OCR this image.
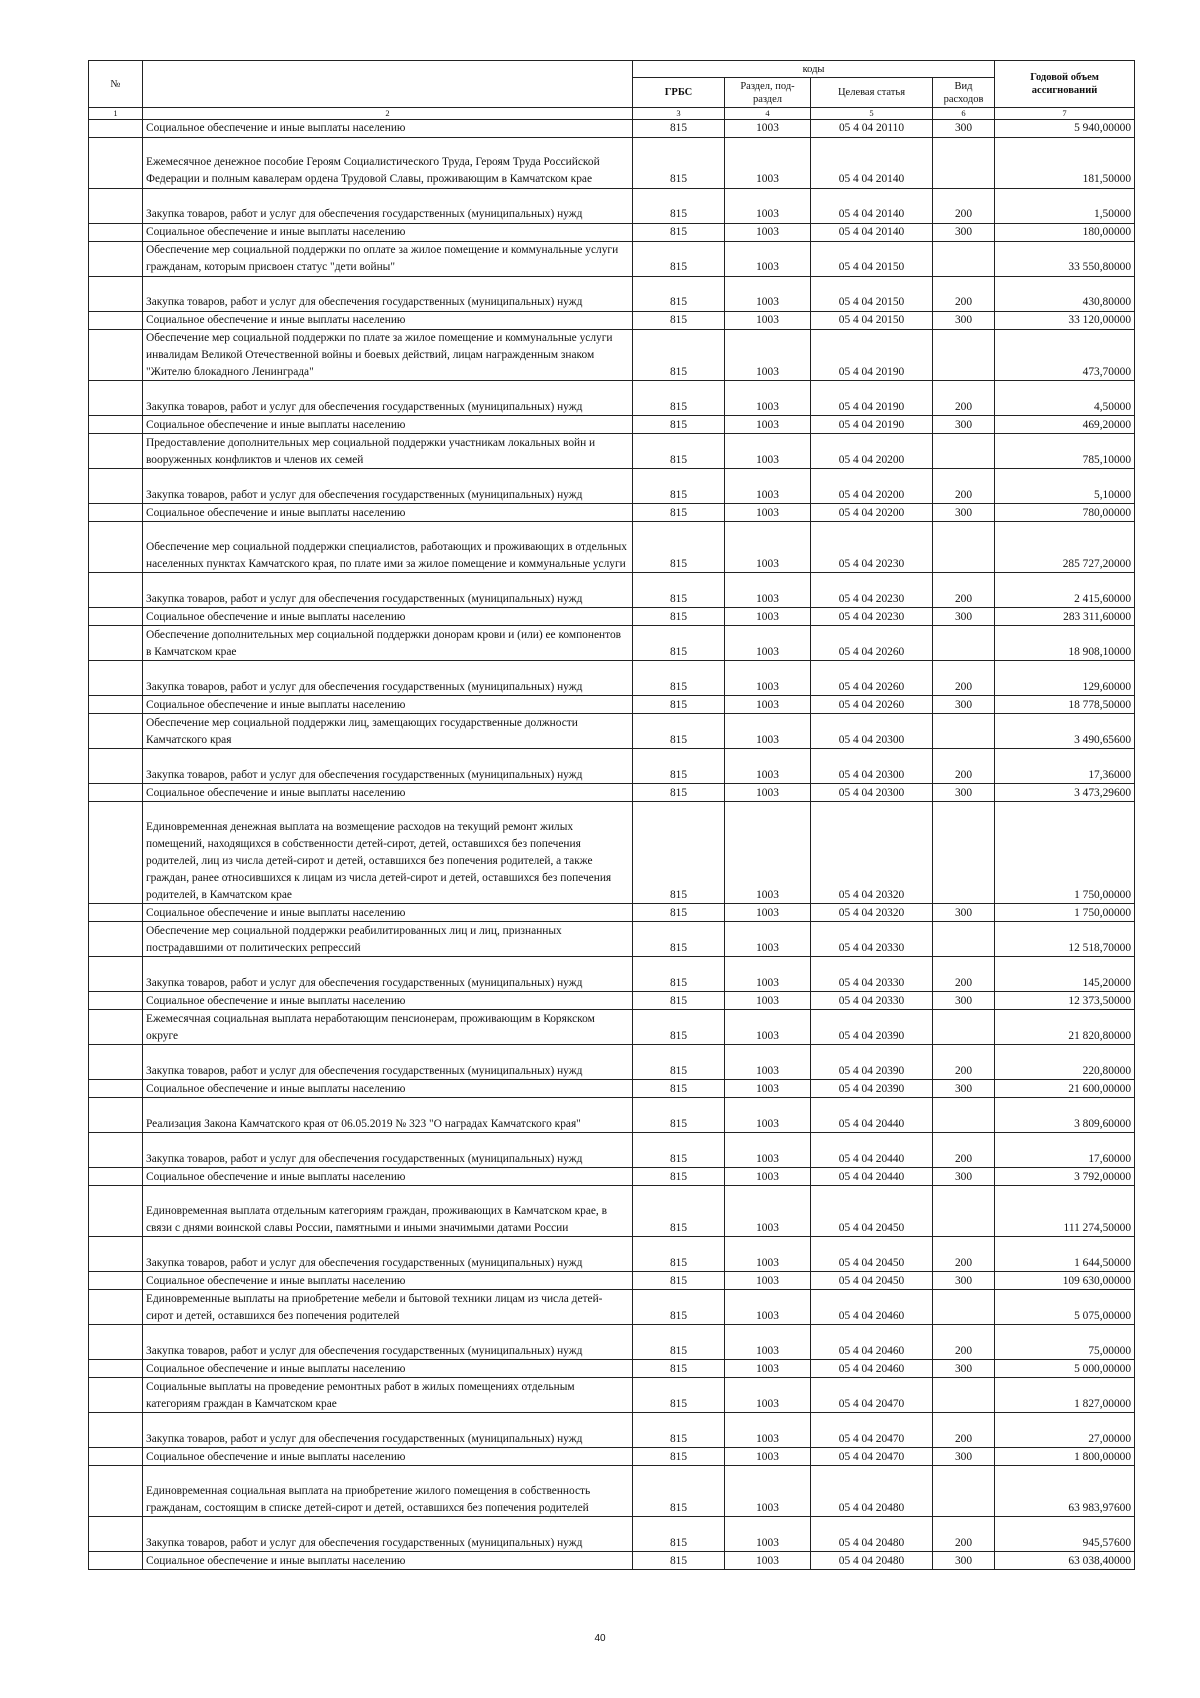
№		коды				Годовой объем ассигнований
		ГРБС	Раздел, под-раздел	Целевая статья	Вид расходов	
1	2	3	4	5	6	7
	Социальное обеспечение и иные выплаты населению	815	1003	05 4 04 20110	300	5 940,00000
	Ежемесячное денежное пособие Героям Социалистического Труда, Героям Труда Российской Федерации и полным кавалерам ордена Трудовой Славы, проживающим в Камчатском крае	815	1003	05 4 04 20140		181,50000
	Закупка товаров, работ и услуг для обеспечения государственных (муниципальных) нужд	815	1003	05 4 04 20140	200	1,50000
	Социальное обеспечение и иные выплаты населению	815	1003	05 4 04 20140	300	180,00000
	Обеспечение мер социальной поддержки по оплате за жилое помещение и коммунальные услуги гражданам, которым присвоен статус "дети войны"	815	1003	05 4 04 20150		33 550,80000
	Закупка товаров, работ и услуг для обеспечения государственных (муниципальных) нужд	815	1003	05 4 04 20150	200	430,80000
	Социальное обеспечение и иные выплаты населению	815	1003	05 4 04 20150	300	33 120,00000
	Обеспечение мер социальной поддержки по плате за жилое помещение и коммунальные услуги инвалидам Великой Отечественной войны и боевых действий, лицам награжденным знаком "Жителю блокадного Ленинграда"	815	1003	05 4 04 20190		473,70000
	Закупка товаров, работ и услуг для обеспечения государственных (муниципальных) нужд	815	1003	05 4 04 20190	200	4,50000
	Социальное обеспечение и иные выплаты населению	815	1003	05 4 04 20190	300	469,20000
	Предоставление дополнительных мер социальной поддержки участникам локальных войн и вооруженных конфликтов и членов их семей	815	1003	05 4 04 20200		785,10000
	Закупка товаров, работ и услуг для обеспечения государственных (муниципальных) нужд	815	1003	05 4 04 20200	200	5,10000
	Социальное обеспечение и иные выплаты населению	815	1003	05 4 04 20200	300	780,00000
	Обеспечение мер социальной поддержки специалистов, работающих и проживающих в отдельных населенных пунктах Камчатского края, по плате ими за жилое помещение и коммунальные услуги	815	1003	05 4 04 20230		285 727,20000
	Закупка товаров, работ и услуг для обеспечения государственных (муниципальных) нужд	815	1003	05 4 04 20230	200	2 415,60000
	Социальное обеспечение и иные выплаты населению	815	1003	05 4 04 20230	300	283 311,60000
	Обеспечение дополнительных мер социальной поддержки донорам крови и (или) ее компонентов в Камчатском крае	815	1003	05 4 04 20260		18 908,10000
	Закупка товаров, работ и услуг для обеспечения государственных (муниципальных) нужд	815	1003	05 4 04 20260	200	129,60000
	Социальное обеспечение и иные выплаты населению	815	1003	05 4 04 20260	300	18 778,50000
	Обеспечение мер социальной поддержки лиц, замещающих государственные должности Камчатского края	815	1003	05 4 04 20300		3 490,65600
	Закупка товаров, работ и услуг для обеспечения государственных (муниципальных) нужд	815	1003	05 4 04 20300	200	17,36000
	Социальное обеспечение и иные выплаты населению	815	1003	05 4 04 20300	300	3 473,29600
	Единовременная денежная выплата на возмещение расходов на текущий ремонт жилых помещений, находящихся в собственности детей-сирот, детей, оставшихся без попечения родителей, лиц из числа детей-сирот и детей, оставшихся без попечения родителей, а также граждан, ранее относившихся к лицам из числа детей-сирот и детей, оставшихся без попечения родителей, в Камчатском крае	815	1003	05 4 04 20320		1 750,00000
	Социальное обеспечение и иные выплаты населению	815	1003	05 4 04 20320	300	1 750,00000
	Обеспечение мер социальной поддержки реабилитированных лиц и лиц, признанных пострадавшими от политических репрессий	815	1003	05 4 04 20330		12 518,70000
	Закупка товаров, работ и услуг для обеспечения государственных (муниципальных) нужд	815	1003	05 4 04 20330	200	145,20000
	Социальное обеспечение и иные выплаты населению	815	1003	05 4 04 20330	300	12 373,50000
	Ежемесячная социальная выплата неработающим пенсионерам, проживающим в Корякском округе	815	1003	05 4 04 20390		21 820,80000
	Закупка товаров, работ и услуг для обеспечения государственных (муниципальных) нужд	815	1003	05 4 04 20390	200	220,80000
	Социальное обеспечение и иные выплаты населению	815	1003	05 4 04 20390	300	21 600,00000
	Реализация Закона Камчатского края от 06.05.2019 № 323 "О наградах Камчатского края"	815	1003	05 4 04 20440		3 809,60000
	Закупка товаров, работ и услуг для обеспечения государственных (муниципальных) нужд	815	1003	05 4 04 20440	200	17,60000
	Социальное обеспечение и иные выплаты населению	815	1003	05 4 04 20440	300	3 792,00000
	Единовременная выплата отдельным категориям граждан, проживающих в Камчатском крае, в связи с днями воинской славы России, памятными и иными значимыми датами России	815	1003	05 4 04 20450		111 274,50000
	Закупка товаров, работ и услуг для обеспечения государственных (муниципальных) нужд	815	1003	05 4 04 20450	200	1 644,50000
	Социальное обеспечение и иные выплаты населению	815	1003	05 4 04 20450	300	109 630,00000
	Единовременные выплаты на приобретение мебели и бытовой техники лицам из числа детей-сирот и детей, оставшихся без попечения родителей	815	1003	05 4 04 20460		5 075,00000
	Закупка товаров, работ и услуг для обеспечения государственных (муниципальных) нужд	815	1003	05 4 04 20460	200	75,00000
	Социальное обеспечение и иные выплаты населению	815	1003	05 4 04 20460	300	5 000,00000
	Социальные выплаты на проведение ремонтных работ в жилых помещениях отдельным категориям граждан в Камчатском крае	815	1003	05 4 04 20470		1 827,00000
	Закупка товаров, работ и услуг для обеспечения государственных (муниципальных) нужд	815	1003	05 4 04 20470	200	27,00000
	Социальное обеспечение и иные выплаты населению	815	1003	05 4 04 20470	300	1 800,00000
	Единовременная социальная выплата на приобретение жилого помещения в собственность гражданам, состоящим в списке детей-сирот и детей, оставшихся без попечения родителей	815	1003	05 4 04 20480		63 983,97600
	Закупка товаров, работ и услуг для обеспечения государственных (муниципальных) нужд	815	1003	05 4 04 20480	200	945,57600
	Социальное обеспечение и иные выплаты населению	815	1003	05 4 04 20480	300	63 038,40000
40
